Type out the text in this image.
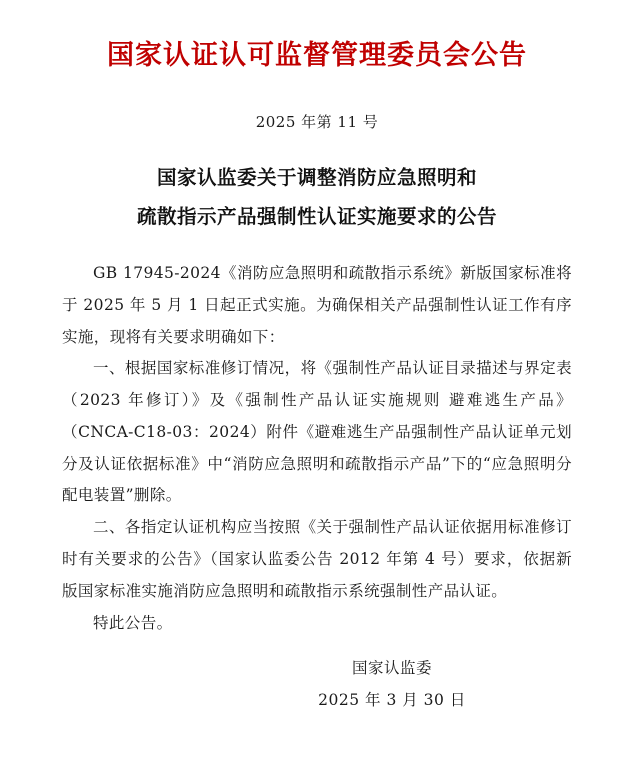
国家认证认可监督管理委员会公告
2025 年第 11 号
国家认监委关于调整消防应急照明和
疏散指示产品强制性认证实施要求的公告

GB 17945-2024《消防应急照明和疏散指示系统》新版国家标准将于 2025 年 5 月 1 日起正式实施。为确保相关产品强制性认证工作有序实施，现将有关要求明确如下：

一、根据国家标准修订情况，将《强制性产品认证目录描述与界定表（2023 年修订）》及《强制性产品认证实施规则 避难逃生产品》（CNCA-C18-03：2024）附件《避难逃生产品强制性产品认证单元划分及认证依据标准》中“消防应急照明和疏散指示产品”下的“应急照明分配电装置”删除。

二、各指定认证机构应当按照《关于强制性产品认证依据用标准修订时有关要求的公告》（国家认监委公告 2012 年第 4 号）要求，依据新版国家标准实施消防应急照明和疏散指示系统强制性产品认证。

特此公告。

国家认监委
2025 年 3 月 30 日
